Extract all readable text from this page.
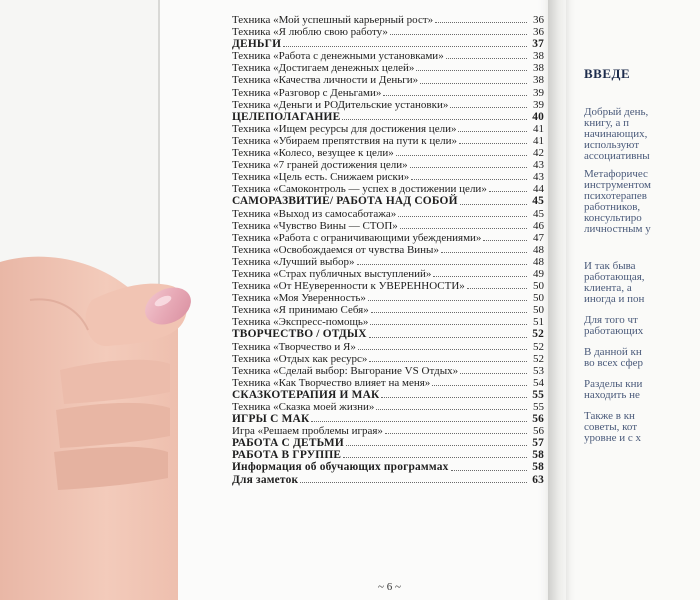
Техника «Мой успешный карьерный рост»	36
Техника «Я люблю свою работу»	36
ДЕНЬГИ	37
Техника «Работа с денежными установками»	38
Техника «Достигаем денежных целей»	38
Техника «Качества личности и Деньги»	38
Техника «Разговор с Деньгами»	39
Техника «Деньги и РОДительские установки»	39
ЦЕЛЕПОЛАГАНИЕ	40
Техника «Ищем ресурсы для достижения цели»	41
Техника «Убираем препятствия на пути к цели»	41
Техника «Колесо, везущее к цели»	42
Техника «7 граней достижения цели»	43
Техника «Цель есть. Снижаем риски»	43
Техника «Самоконтроль — успех в достижении цели»	44
САМОРАЗВИТИЕ/ РАБОТА НАД СОБОЙ	45
Техника «Выход из самосаботажа»	45
Техника «Чувство Вины — СТОП»	46
Техника «Работа с ограничивающими убеждениями»	47
Техника «Освобождаемся от чувства Вины»	48
Техника «Лучший выбор»	48
Техника «Страх публичных выступлений»	49
Техника «От НЕуверенности к УВЕРЕННОСТИ»	50
Техника «Моя Уверенность»	50
Техника «Я принимаю Себя»	50
Техника «Экспресс-помощь»	51
ТВОРЧЕСТВО / ОТДЫХ	52
Техника «Творчество и Я»	52
Техника «Отдых как ресурс»	52
Техника «Сделай выбор: Выгорание VS Отдых»	53
Техника «Как Творчество влияет на меня»	54
СКАЗКОТЕРАПИЯ И МАК	55
Техника «Сказка моей жизни»	55
ИГРЫ С МАК	56
Игра «Решаем проблемы играя»	56
РАБОТА С ДЕТЬМИ	57
РАБОТА В ГРУППЕ	58
Информация об обучающих программах	58
Для заметок	63
~ 6 ~
ВВЕДЕ
Добрый день,
книгу, а п
начинающих,
используют
ассоциативны
Метафоричес
инструментом
психотерапев
работников,
консультиро
личностным у
И так быва
работающая,
клиента, а
иногда и пон
Для того чт
работающих
В данной кн
во всех сфер
Разделы кни
находить не
Также в кн
советы, кот
уровне и с х
